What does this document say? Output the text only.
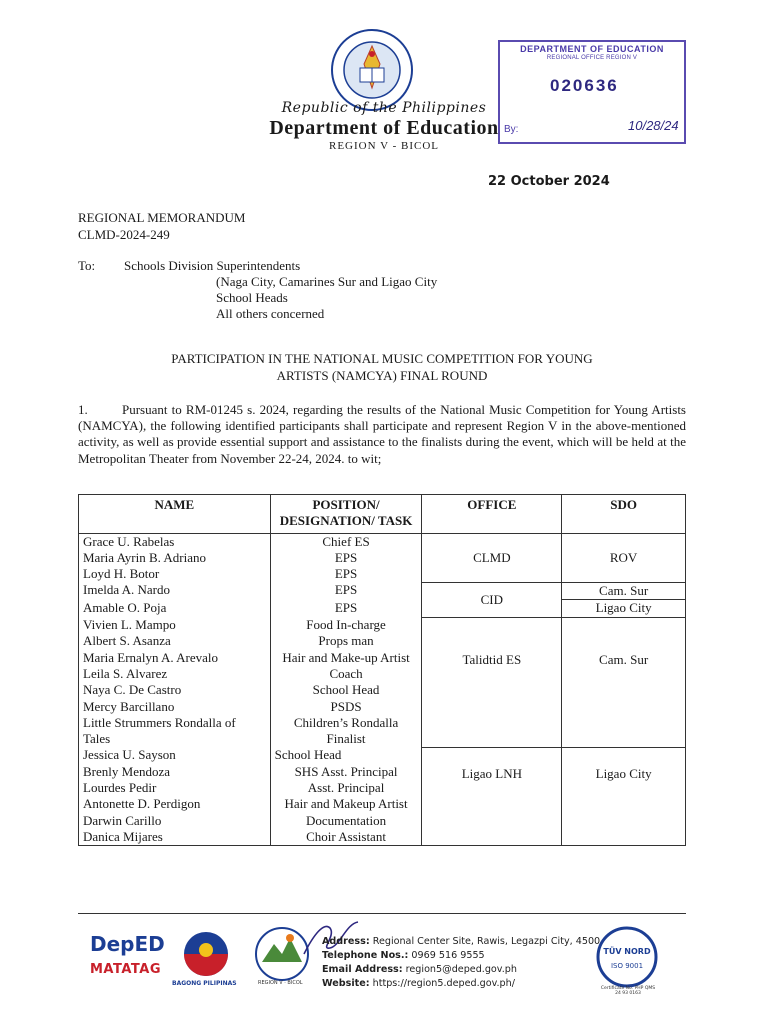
Republic of the Philippines
Department of Education
REGION V - BICOL
DEPARTMENT OF EDUCATION
REGIONAL OFFICE REGION V
020636
By:	10/28/24
22 October 2024
REGIONAL MEMORANDUM
CLMD-2024-249
To: Schools Division Superintendents
(Naga City, Camarines Sur and Ligao City
School Heads
All others concerned
PARTICIPATION IN THE NATIONAL MUSIC COMPETITION FOR YOUNG
ARTISTS (NAMCYA) FINAL ROUND
1.	Pursuant to RM-01245 s. 2024, regarding the results of the National Music Competition for Young Artists (NAMCYA), the following identified participants shall participate and represent Region V in the above-mentioned activity, as well as provide essential support and assistance to the finalists during the event, which will be held at the Metropolitan Theater from November 22-24, 2024. to wit;
NAME	POSITION/ DESIGNATION/ TASK	OFFICE	SDO
Grace U. Rabelas	Chief ES	CLMD	ROV
Maria Ayrin B. Adriano	EPS		
Loyd H. Botor	EPS		
Imelda A. Nardo	EPS	CID	Cam. Sur
Amable O. Poja	EPS		Ligao City
Vivien L. Mampo	Food In-charge	Talidtid ES	Cam. Sur
Albert S. Asanza	Props man		
Maria Ernalyn A. Arevalo	Hair and Make-up Artist		
Leila S. Alvarez	Coach		
Naya C. De Castro	School Head		
Mercy Barcillano	PSDS		
Little Strummers Rondalla of Tales	Children’s Rondalla Finalist		
Jessica U. Sayson	School Head	Ligao LNH	Ligao City
Brenly Mendoza	SHS Asst. Principal		
Lourdes Pedir	Asst. Principal		
Antonette D. Perdigon	Hair and Makeup Artist		
Darwin Carillo	Documentation		
Danica Mijares	Choir Assistant		
DepED
MATATAG
BAGONG PILIPINAS	REGION V · BICOL
Address: Regional Center Site, Rawis, Legazpi City, 4500
Telephone Nos.: 0969 516 9555
Email Address: region5@deped.gov.ph
Website: https://region5.deped.gov.ph/
TÜV NORD
ISO 9001
Certificate No. PHP QMS 24 93 0163
